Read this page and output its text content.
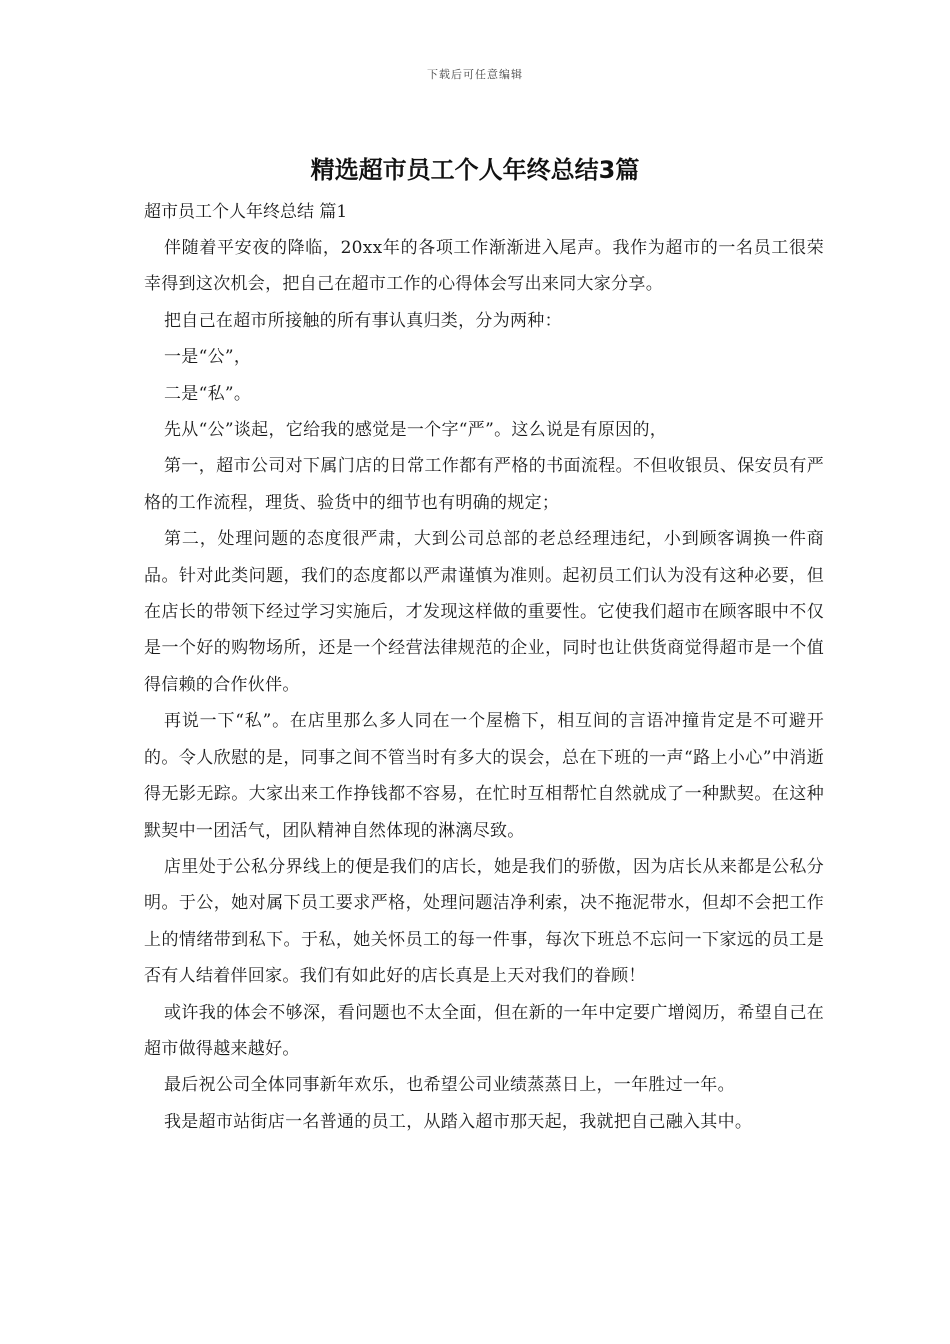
下载后可任意编辑
精选超市员工个人年终总结3篇

超市员工个人年终总结 篇1

伴随着平安夜的降临，20xx年的各项工作渐渐进入尾声。我作为超市的一名员工很荣幸得到这次机会，把自己在超市工作的心得体会写出来同大家分享。

把自己在超市所接触的所有事认真归类，分为两种：

一是“公”，

二是“私”。

先从“公”谈起，它给我的感觉是一个字“严”。这么说是有原因的，

第一，超市公司对下属门店的日常工作都有严格的书面流程。不但收银员、保安员有严格的工作流程，理货、验货中的细节也有明确的规定；

第二，处理问题的态度很严肃，大到公司总部的老总经理违纪，小到顾客调换一件商品。针对此类问题，我们的态度都以严肃谨慎为准则。起初员工们认为没有这种必要，但在店长的带领下经过学习实施后，才发现这样做的重要性。它使我们超市在顾客眼中不仅是一个好的购物场所，还是一个经营法律规范的企业，同时也让供货商觉得超市是一个值得信赖的合作伙伴。

再说一下“私”。在店里那么多人同在一个屋檐下，相互间的言语冲撞肯定是不可避开的。令人欣慰的是，同事之间不管当时有多大的误会，总在下班的一声“路上小心”中消逝得无影无踪。大家出来工作挣钱都不容易，在忙时互相帮忙自然就成了一种默契。在这种默契中一团活气，团队精神自然体现的淋漓尽致。

店里处于公私分界线上的便是我们的店长，她是我们的骄傲，因为店长从来都是公私分明。于公，她对属下员工要求严格，处理问题洁净利索，决不拖泥带水，但却不会把工作上的情绪带到私下。于私，她关怀员工的每一件事，每次下班总不忘问一下家远的员工是否有人结着伴回家。我们有如此好的店长真是上天对我们的眷顾！

或许我的体会不够深，看问题也不太全面，但在新的一年中定要广增阅历，希望自己在超市做得越来越好。

最后祝公司全体同事新年欢乐，也希望公司业绩蒸蒸日上，一年胜过一年。

我是超市站街店一名普通的员工，从踏入超市那天起，我就把自己融入其中。
